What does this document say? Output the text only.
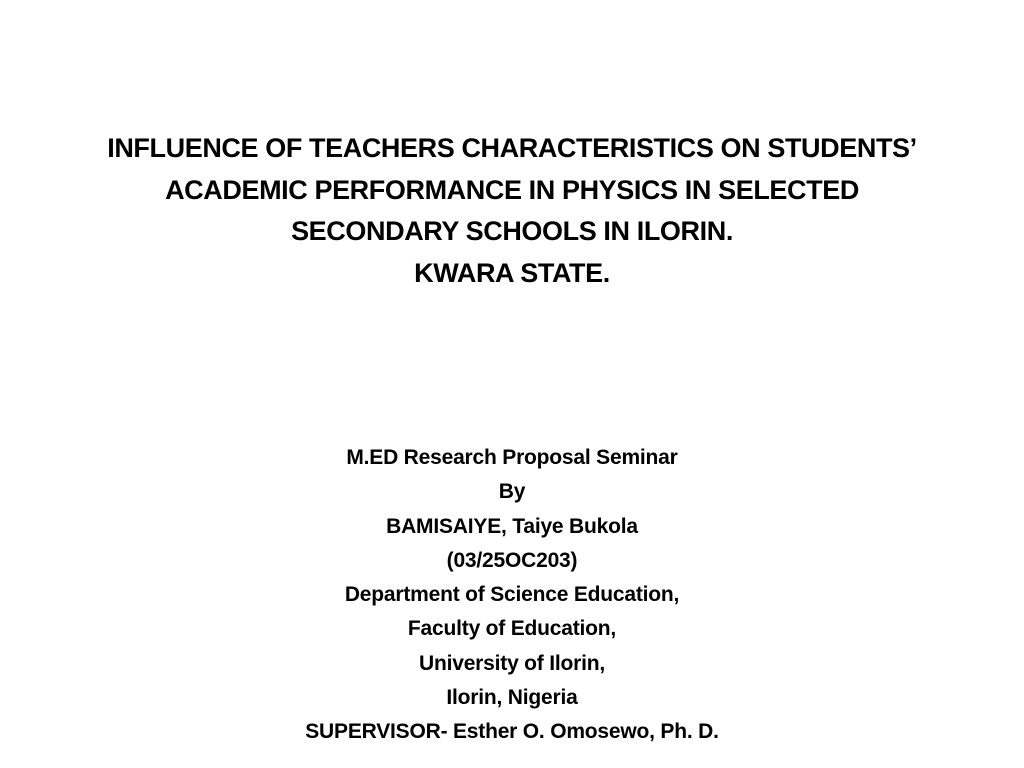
INFLUENCE OF TEACHERS CHARACTERISTICS ON STUDENTS’
ACADEMIC PERFORMANCE IN PHYSICS IN SELECTED
SECONDARY SCHOOLS IN ILORIN.
KWARA STATE.
M.ED Research Proposal Seminar
By
BAMISAIYE, Taiye Bukola
(03/25OC203)
Department of Science Education,
Faculty of Education,
University of Ilorin,
Ilorin, Nigeria
SUPERVISOR- Esther O. Omosewo, Ph. D.
